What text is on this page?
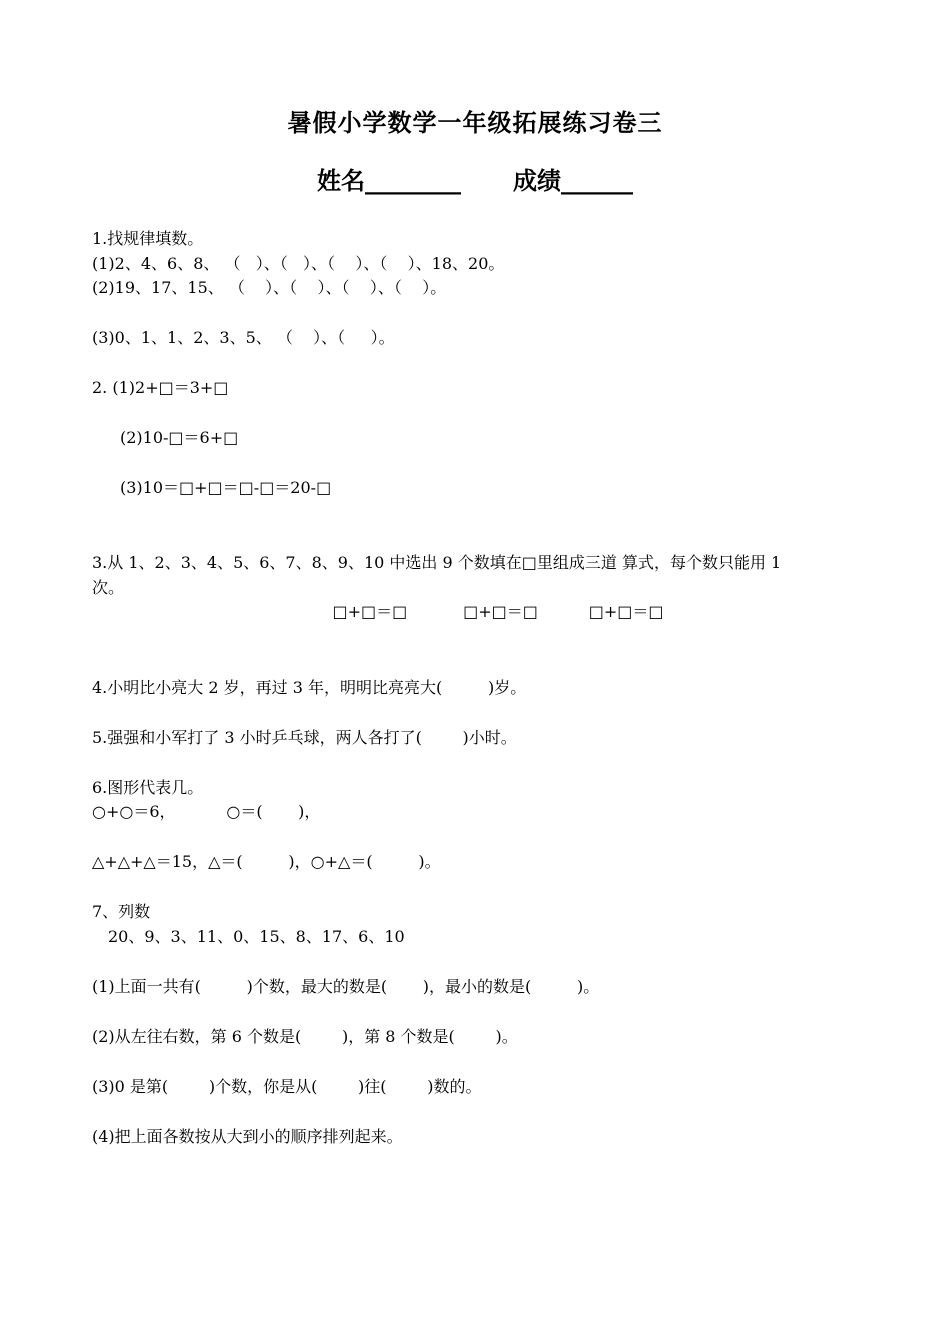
暑假小学数学一年级拓展练习卷三
姓名________ 成绩______
1.找规律填数。
(1)2、4、6、8、 （   ）、（   ）、（    ）、（    ）、18、20。
(2)19、17、15、 （    ）、（    ）、（    ）、（    ）。
(3)0、1、1、2、3、5、 （    ）、（     ）。
2. (1)2+□＝3+□
(2)10-□＝6+□
(3)10＝□+□＝□-□＝20-□
3.从 1、2、3、4、5、6、7、8、9、10 中选出 9 个数填在□里组成三道 算式，每个数只能用 1
次。
□+□＝□           □+□＝□          □+□＝□
4.小明比小亮大 2 岁，再过 3 年，明明比亮亮大(         )岁。
5.强强和小军打了 3 小时乒乓球，两人各打了(        )小时。
6.图形代表几。
○+○＝6，          ○＝(       )，
△+△+△＝15，△＝(         )，○+△＝(         )。
7、列数
20、9、3、11、0、15、8、17、6、10
(1)上面一共有(         )个数，最大的数是(       )，最小的数是(         )。
(2)从左往右数，第 6 个数是(        )，第 8 个数是(        )。
(3)0 是第(        )个数，你是从(        )往(        )数的。
(4)把上面各数按从大到小的顺序排列起来。
